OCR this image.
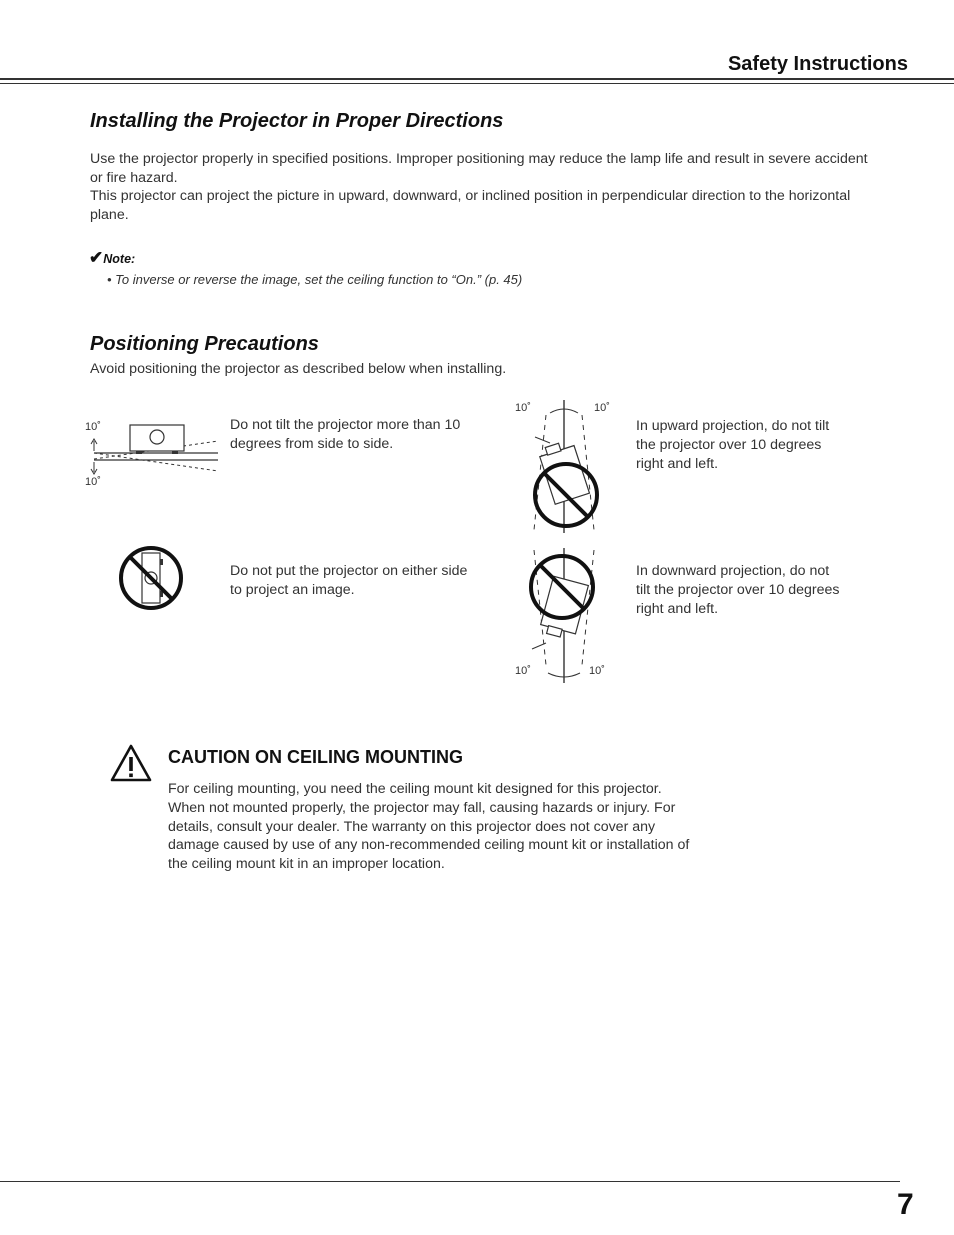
Safety Instructions
Installing the Projector in Proper Directions
Use the projector properly in specified positions. Improper positioning may reduce the lamp life and result in severe accident or fire hazard.
This projector can project the picture in upward, downward, or inclined position in perpendicular direction to the horizontal plane.
✔Note:
• To inverse or reverse the image, set the ceiling function to “On.” (p. 45)
Positioning Precautions
Avoid positioning the projector as described below when installing.
10˚
10˚
Do not tilt the projector more than 10 degrees from side to side.
10˚	10˚
In upward projection, do not tilt the projector over 10 degrees right and left.
Do not put the projector on either side to project an image.
10˚	10˚
In downward projection, do not tilt the projector over 10 degrees right and left.
CAUTION ON CEILING MOUNTING
For ceiling mounting, you need the ceiling mount kit designed for this projector. When not mounted properly, the projector may fall, causing hazards or injury. For details, consult your dealer. The warranty on this projector does not cover any damage caused by use of any non-recommended ceiling mount kit or installation of the ceiling mount kit in an improper location.
7
